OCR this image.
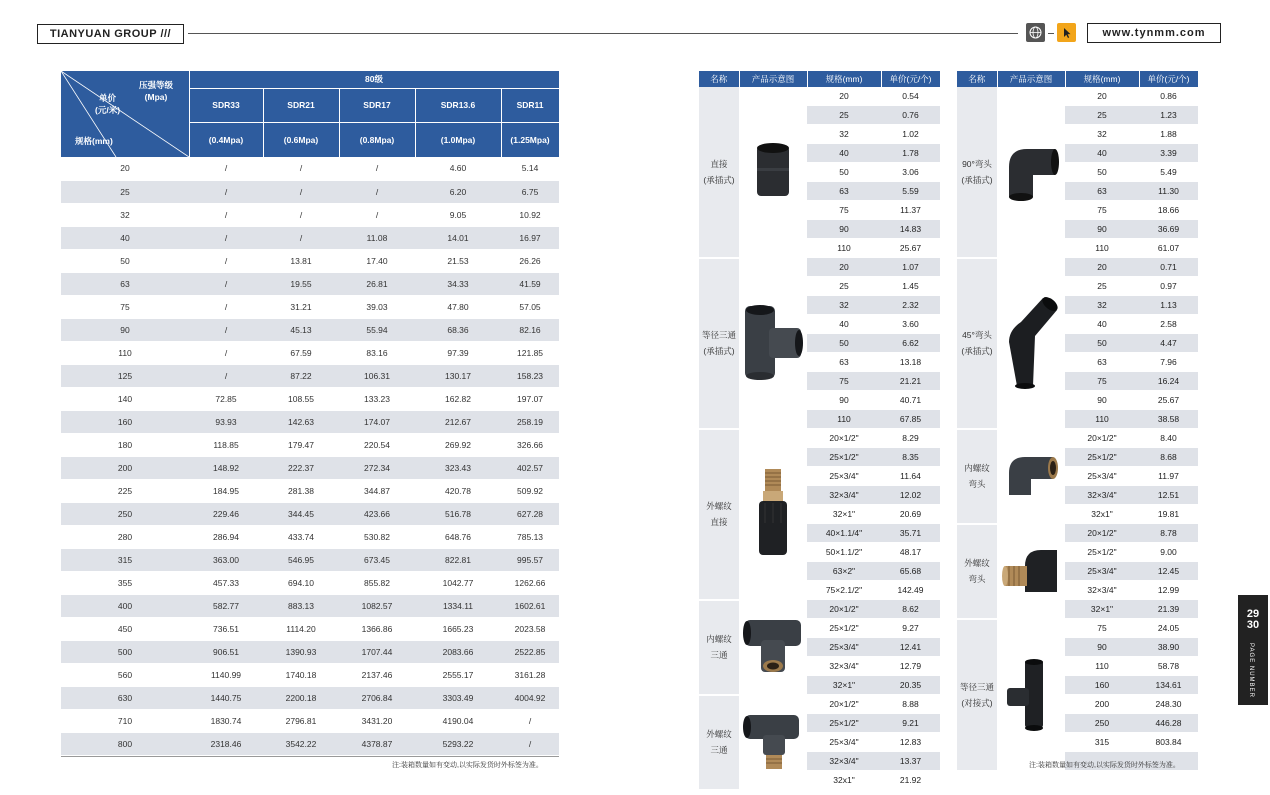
TIANYUAN GROUP ///	www.tynmm.com
压强等级
(Mpa)
单价
(元/米)
规格(mm)	80级				
	SDR33	SDR21	SDR17	SDR13.6	SDR11
	(0.4Mpa)	(0.6Mpa)	(0.8Mpa)	(1.0Mpa)	(1.25Mpa)
20	/	/	/	4.60	5.14
25	/	/	/	6.20	6.75
32	/	/	/	9.05	10.92
40	/	/	11.08	14.01	16.97
50	/	13.81	17.40	21.53	26.26
63	/	19.55	26.81	34.33	41.59
75	/	31.21	39.03	47.80	57.05
90	/	45.13	55.94	68.36	82.16
110	/	67.59	83.16	97.39	121.85
125	/	87.22	106.31	130.17	158.23
140	72.85	108.55	133.23	162.82	197.07
160	93.93	142.63	174.07	212.67	258.19
180	118.85	179.47	220.54	269.92	326.66
200	148.92	222.37	272.34	323.43	402.57
225	184.95	281.38	344.87	420.78	509.92
250	229.46	344.45	423.66	516.78	627.28
280	286.94	433.74	530.82	648.76	785.13
315	363.00	546.95	673.45	822.81	995.57
355	457.33	694.10	855.82	1042.77	1262.66
400	582.77	883.13	1082.57	1334.11	1602.61
450	736.51	1114.20	1366.86	1665.23	2023.58
500	906.51	1390.93	1707.44	2083.66	2522.85
560	1140.99	1740.18	2137.46	2555.17	3161.28
630	1440.75	2200.18	2706.84	3303.49	4004.92
710	1830.74	2796.81	3431.20	4190.04	/
800	2318.46	3542.22	4378.87	5293.22	/
注:装箱数量如有变动,以实际发货时外标签为准。
名称	产品示意图	规格(mm)	单价(元/个)
直接
(承插式)		20	0.54
		25	0.76
		32	1.02
		40	1.78
		50	3.06
		63	5.59
		75	11.37
		90	14.83
		110	25.67
等径三通
(承插式)		20	1.07
		25	1.45
		32	2.32
		40	3.60
		50	6.62
		63	13.18
		75	21.21
		90	40.71
		110	67.85
外螺纹
直接		20×1/2"	8.29
		25×1/2"	8.35
		25×3/4"	11.64
		32×3/4"	12.02
		32×1"	20.69
		40×1.1/4"	35.71
		50×1.1/2"	48.17
		63×2"	65.68
		75×2.1/2"	142.49
内螺纹
三通		20×1/2"	8.62
		25×1/2"	9.27
		25×3/4"	12.41
		32×3/4"	12.79
		32×1"	20.35
外螺纹
三通		20×1/2"	8.88
		25×1/2"	9.21
		25×3/4"	12.83
		32×3/4"	13.37
		32x1"	21.92
名称	产品示意图	规格(mm)	单价(元/个)
90°弯头
(承插式)		20	0.86
		25	1.23
		32	1.88
		40	3.39
		50	5.49
		63	11.30
		75	18.66
		90	36.69
		110	61.07
45°弯头
(承插式)		20	0.71
		25	0.97
		32	1.13
		40	2.58
		50	4.47
		63	7.96
		75	16.24
		90	25.67
		110	38.58
内螺纹
弯头		20×1/2"	8.40
		25×1/2"	8.68
		25×3/4"	11.97
		32×3/4"	12.51
		32x1"	19.81
外螺纹
弯头		20×1/2"	8.78
		25×1/2"	9.00
		25×3/4"	12.45
		32×3/4"	12.99
		32×1"	21.39
等径三通
(对接式)		75	24.05
		90	38.90
		110	58.78
		160	134.61
		200	248.30
		250	446.28
		315	803.84

注:装箱数量如有变动,以实际发货时外标签为准。
29
30
PAGE NUMBER
